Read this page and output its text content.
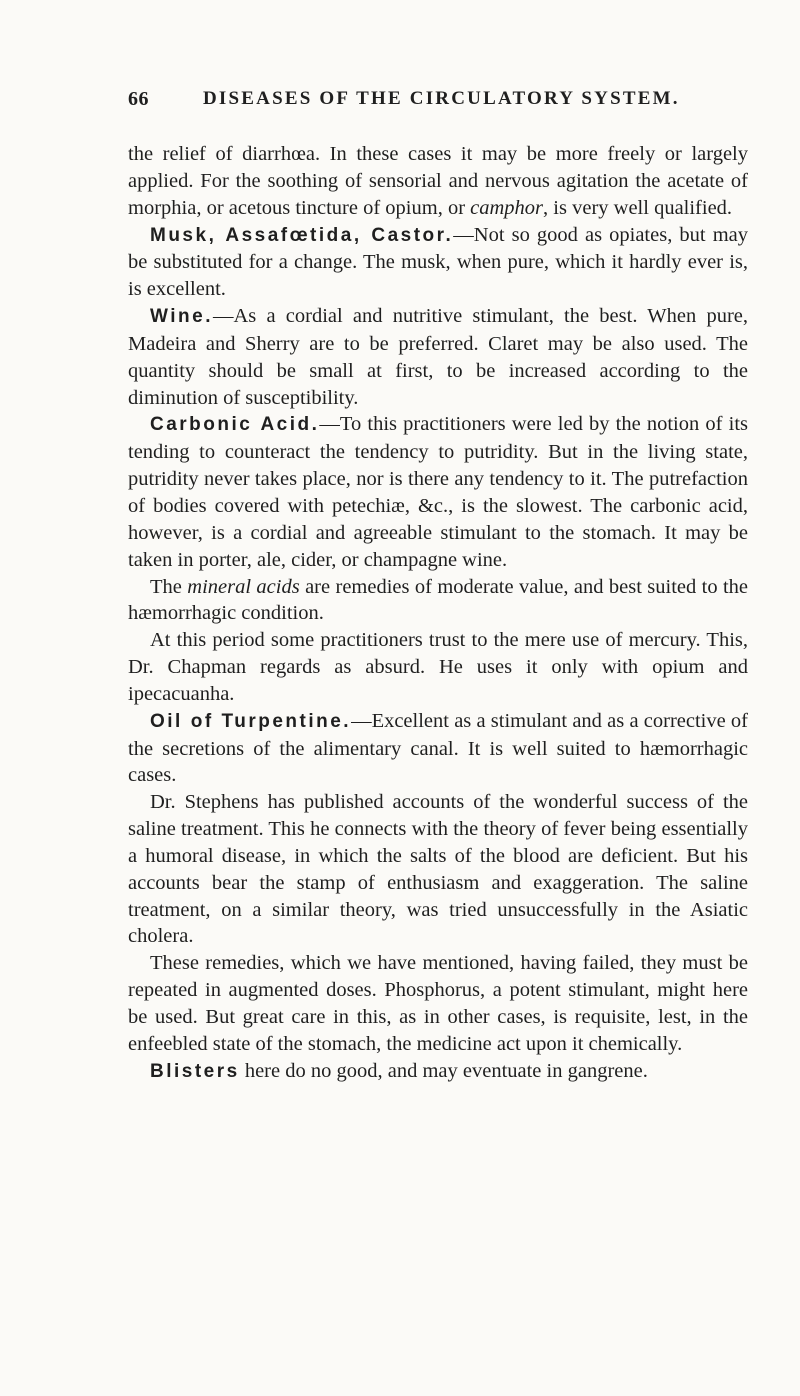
66	DISEASES OF THE CIRCULATORY SYSTEM.

the relief of diarrhœa. In these cases it may be more freely or largely applied. For the soothing of sensorial and nervous agitation the acetate of morphia, or acetous tincture of opium, or camphor, is very well qualified.

Musk, Assafœtida, Castor.—Not so good as opiates, but may be substituted for a change. The musk, when pure, which it hardly ever is, is excellent.

Wine.—As a cordial and nutritive stimulant, the best. When pure, Madeira and Sherry are to be preferred. Claret may be also used. The quantity should be small at first, to be increased according to the diminution of susceptibility.

Carbonic Acid.—To this practitioners were led by the notion of its tending to counteract the tendency to putridity. But in the living state, putridity never takes place, nor is there any tendency to it. The putrefaction of bodies covered with petechiæ, &c., is the slowest. The carbonic acid, however, is a cordial and agreeable stimulant to the stomach. It may be taken in porter, ale, cider, or champagne wine.

The mineral acids are remedies of moderate value, and best suited to the hæmorrhagic condition.

At this period some practitioners trust to the mere use of mercury. This, Dr. Chapman regards as absurd. He uses it only with opium and ipecacuanha.

Oil of Turpentine.—Excellent as a stimulant and as a corrective of the secretions of the alimentary canal. It is well suited to hæmorrhagic cases.

Dr. Stephens has published accounts of the wonderful success of the saline treatment. This he connects with the theory of fever being essentially a humoral disease, in which the salts of the blood are deficient. But his accounts bear the stamp of enthusiasm and exaggeration. The saline treatment, on a similar theory, was tried unsuccessfully in the Asiatic cholera.

These remedies, which we have mentioned, having failed, they must be repeated in augmented doses. Phosphorus, a potent stimulant, might here be used. But great care in this, as in other cases, is requisite, lest, in the enfeebled state of the stomach, the medicine act upon it chemically.

Blisters here do no good, and may eventuate in gangrene.
